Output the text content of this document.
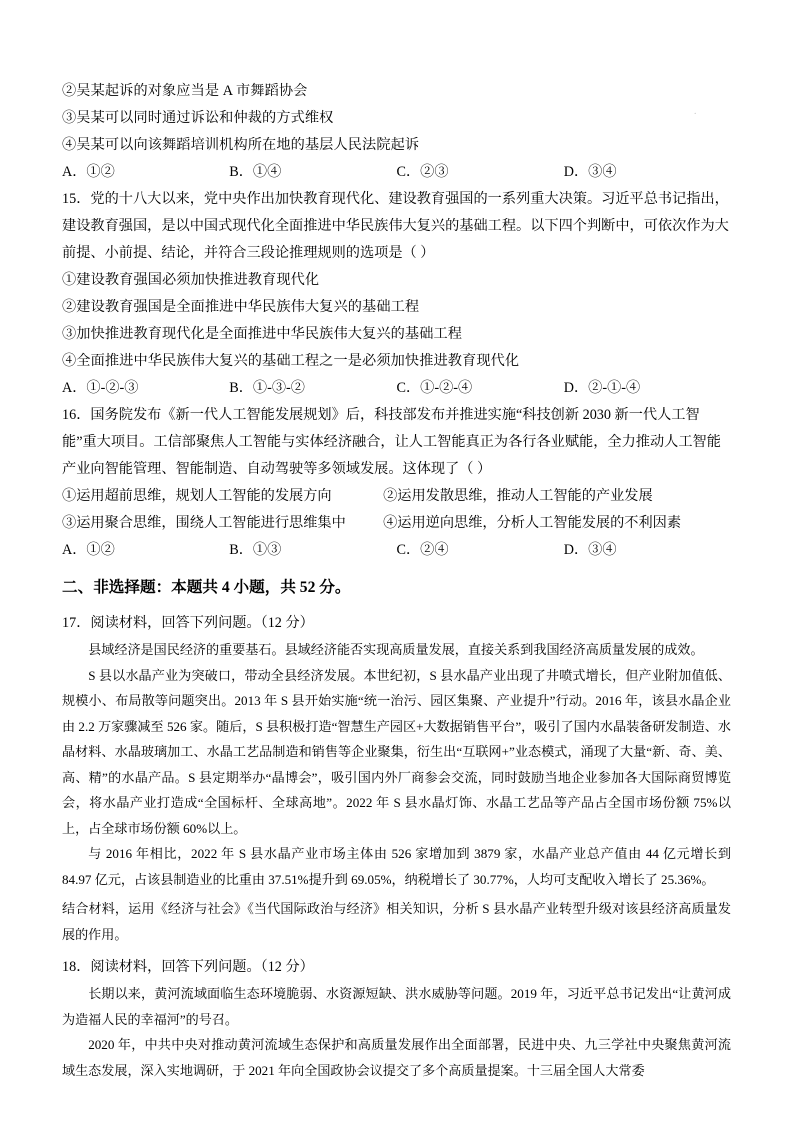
·
②吴某起诉的对象应当是 A 市舞蹈协会
③吴某可以同时通过诉讼和仲裁的方式维权
④吴某可以向该舞蹈培训机构所在地的基层人民法院起诉
A．①②	B．①④	C．②③	D．③④
15．党的十八大以来，党中央作出加快教育现代化、建设教育强国的一系列重大决策。习近平总书记指出，建设教育强国，是以中国式现代化全面推进中华民族伟大复兴的基础工程。以下四个判断中，可依次作为大前提、小前提、结论，并符合三段论推理规则的选项是（ ）
①建设教育强国必须加快推进教育现代化
②建设教育强国是全面推进中华民族伟大复兴的基础工程
③加快推进教育现代化是全面推进中华民族伟大复兴的基础工程
④全面推进中华民族伟大复兴的基础工程之一是必须加快推进教育现代化
A．①-②-③	B．①-③-②	C．①-②-④	D．②-①-④
16．国务院发布《新一代人工智能发展规划》后，科技部发布并推进实施“科技创新 2030 新一代人工智能”重大项目。工信部聚焦人工智能与实体经济融合，让人工智能真正为各行各业赋能，全力推动人工智能产业向智能管理、智能制造、自动驾驶等多领域发展。这体现了（ ）
①运用超前思维，规划人工智能的发展方向	②运用发散思维，推动人工智能的产业发展
③运用聚合思维，围绕人工智能进行思维集中	④运用逆向思维，分析人工智能发展的不利因素
A．①②	B．①③	C．②④	D．③④
二、非选择题：本题共 4 小题，共 52 分。
17．阅读材料，回答下列问题。（12 分）

县域经济是国民经济的重要基石。县域经济能否实现高质量发展，直接关系到我国经济高质量发展的成效。

S 县以水晶产业为突破口，带动全县经济发展。本世纪初，S 县水晶产业出现了井喷式增长，但产业附加值低、规模小、布局散等问题突出。2013 年 S 县开始实施“统一治污、园区集聚、产业提升”行动。2016 年，该县水晶企业由 2.2 万家骤减至 526 家。随后，S 县积极打造“智慧生产园区+大数据销售平台”，吸引了国内水晶装备研发制造、水晶材料、水晶玻璃加工、水晶工艺品制造和销售等企业聚集，衍生出“互联网+”业态模式，涌现了大量“新、奇、美、高、精”的水晶产品。S 县定期举办“晶博会”，吸引国内外厂商参会交流，同时鼓励当地企业参加各大国际商贸博览会，将水晶产业打造成“全国标杆、全球高地”。2022 年 S 县水晶灯饰、水晶工艺品等产品占全国市场份额 75%以上，占全球市场份额 60%以上。

与 2016 年相比，2022 年 S 县水晶产业市场主体由 526 家增加到 3879 家，水晶产业总产值由 44 亿元增长到 84.97 亿元，占该县制造业的比重由 37.51%提升到 69.05%，纳税增长了 30.77%，人均可支配收入增长了 25.36%。

结合材料，运用《经济与社会》《当代国际政治与经济》相关知识，分析 S 县水晶产业转型升级对该县经济高质量发展的作用。

18．阅读材料，回答下列问题。（12 分）

长期以来，黄河流域面临生态环境脆弱、水资源短缺、洪水威胁等问题。2019 年，习近平总书记发出“让黄河成为造福人民的幸福河”的号召。

2020 年，中共中央对推动黄河流域生态保护和高质量发展作出全面部署，民进中央、九三学社中央聚焦黄河流域生态发展，深入实地调研，于 2021 年向全国政协会议提交了多个高质量提案。十三届全国人大常委
